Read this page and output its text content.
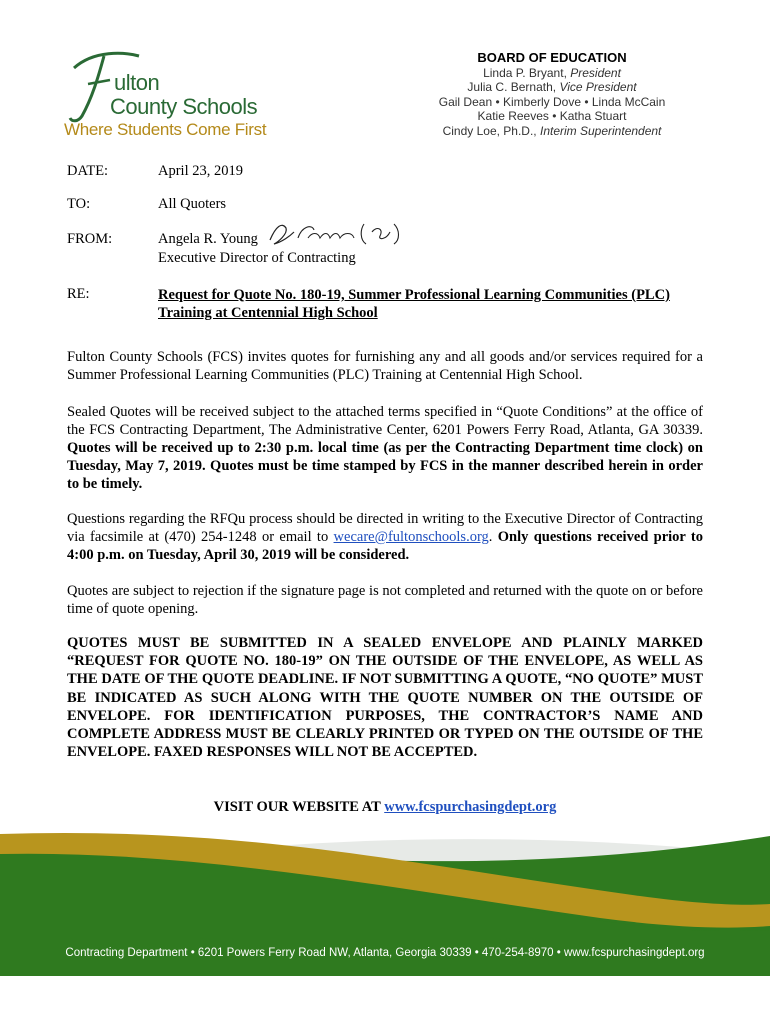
ulton
County Schools
Where Students Come First
BOARD OF EDUCATION
Linda P. Bryant, President
Julia C. Bernath, Vice President
Gail Dean • Kimberly Dove • Linda McCain
Katie Reeves • Katha Stuart
Cindy Loe, Ph.D., Interim Superintendent
DATE:	April 23, 2019
TO:	All Quoters
FROM:	Angela R. Young
Executive Director of Contracting
RE:	Request for Quote No. 180-19, Summer Professional Learning Communities (PLC)
Training at Centennial High School
Fulton County Schools (FCS) invites quotes for furnishing any and all goods and/or services required for a Summer Professional Learning Communities (PLC) Training at Centennial High School.
Sealed Quotes will be received subject to the attached terms specified in “Quote Conditions” at the office of the FCS Contracting Department, The Administrative Center, 6201 Powers Ferry Road, Atlanta, GA 30339. Quotes will be received up to 2:30 p.m. local time (as per the Contracting Department time clock) on Tuesday, May 7, 2019. Quotes must be time stamped by FCS in the manner described herein in order to be timely.
Questions regarding the RFQu process should be directed in writing to the Executive Director of Contracting via facsimile at (470) 254-1248 or email to wecare@fultonschools.org. Only questions received prior to 4:00 p.m. on Tuesday, April 30, 2019 will be considered.
Quotes are subject to rejection if the signature page is not completed and returned with the quote on or before time of quote opening.
QUOTES MUST BE SUBMITTED IN A SEALED ENVELOPE AND PLAINLY MARKED “REQUEST FOR QUOTE NO. 180-19” ON THE OUTSIDE OF THE ENVELOPE, AS WELL AS THE DATE OF THE QUOTE DEADLINE. IF NOT SUBMITTING A QUOTE, “NO QUOTE” MUST BE INDICATED AS SUCH ALONG WITH THE QUOTE NUMBER ON THE OUTSIDE OF ENVELOPE. FOR IDENTIFICATION PURPOSES, THE CONTRACTOR’S NAME AND COMPLETE ADDRESS MUST BE CLEARLY PRINTED OR TYPED ON THE OUTSIDE OF THE ENVELOPE. FAXED RESPONSES WILL NOT BE ACCEPTED.
VISIT OUR WEBSITE AT www.fcspurchasingdept.org
Contracting Department • 6201 Powers Ferry Road NW, Atlanta, Georgia 30339 • 470-254-8970 • www.fcspurchasingdept.org
